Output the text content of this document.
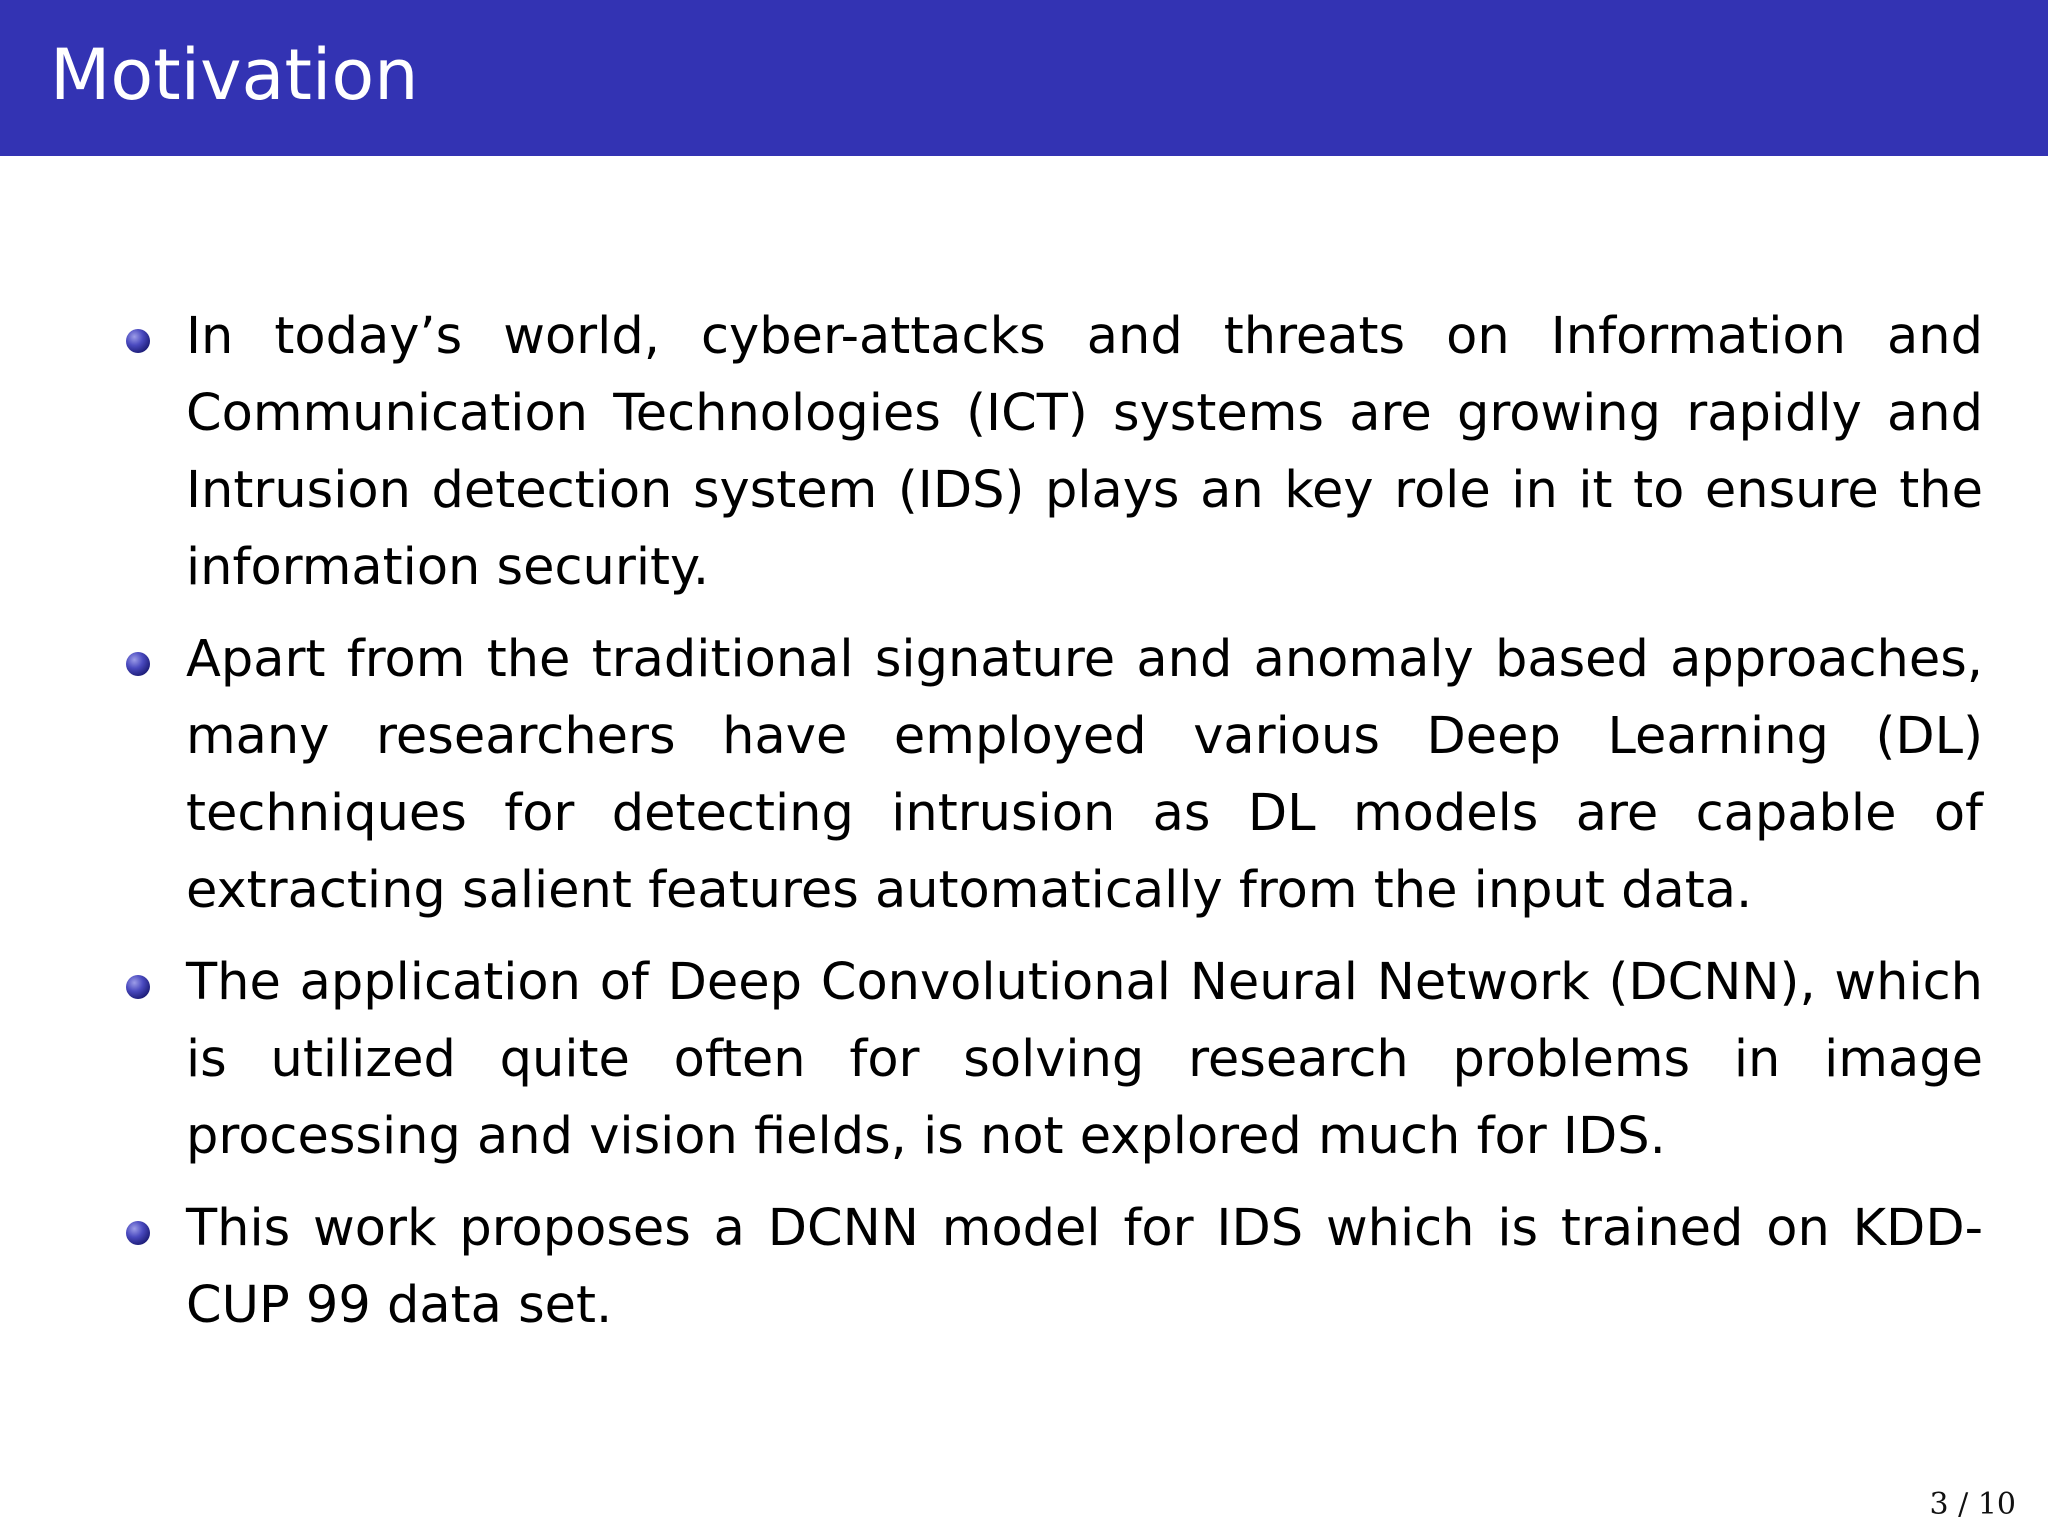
Motivation
In today’s world, cyber-attacks and threats on Information and Communication Technologies (ICT) systems are growing rapidly and Intrusion detection system (IDS) plays an key role in it to ensure the information security.
Apart from the traditional signature and anomaly based approaches, many researchers have employed various Deep Learning (DL) techniques for detecting intrusion as DL models are capable of extracting salient features automatically from the input data.
The application of Deep Convolutional Neural Network (DCNN), which is utilized quite often for solving research problems in image processing and vision fields, is not explored much for IDS.
This work proposes a DCNN model for IDS which is trained on KDD-CUP 99 data set.
3 / 10
